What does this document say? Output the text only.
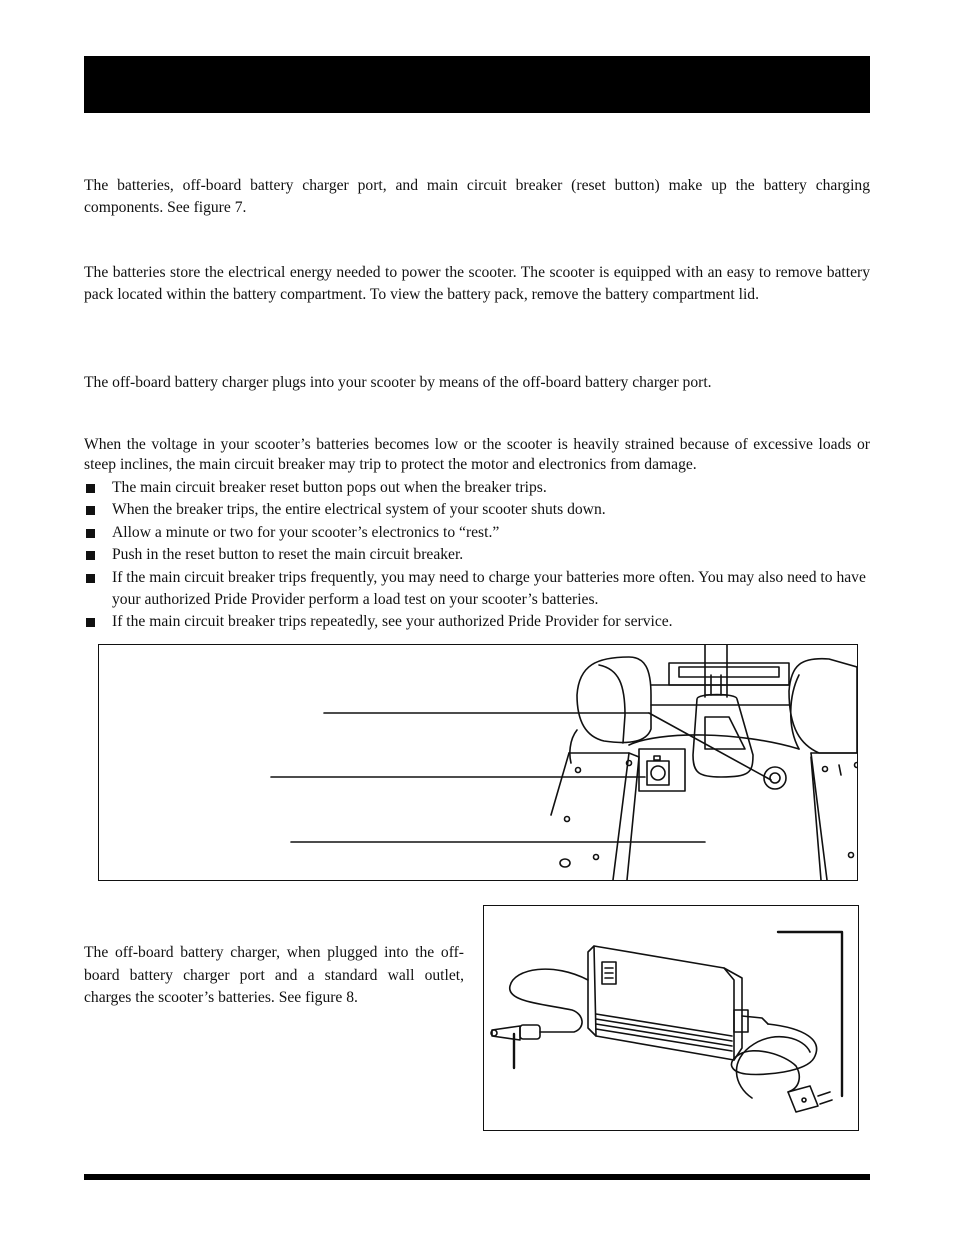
The batteries, off-board battery charger port, and main circuit breaker (reset button) make up the battery charging components. See figure 7.

The batteries store the electrical energy needed to power the scooter. The scooter is equipped with an easy to remove battery pack located within the battery compartment. To view the battery pack, remove the battery compartment lid.

The off-board battery charger plugs into your scooter by means of the off-board battery charger port.

When the voltage in your scooter’s batteries becomes low or the scooter is heavily strained because of excessive loads or steep inclines, the main circuit breaker may trip to protect the motor and electronics from damage.

The main circuit breaker reset button pops out when the breaker trips.
When the breaker trips, the entire electrical system of your scooter shuts down.
Allow a minute or two for your scooter’s electronics to “rest.”
Push in the reset button to reset the main circuit breaker.
If the main circuit breaker trips frequently, you may need to charge your batteries more often. You may also need to have your authorized Pride Provider perform a load test on your scooter’s batteries.
If the main circuit breaker trips repeatedly, see your authorized Pride Provider for service.

The off-board battery charger, when plugged into the off-board battery charger port and a standard wall outlet, charges the scooter’s batteries. See figure 8.
